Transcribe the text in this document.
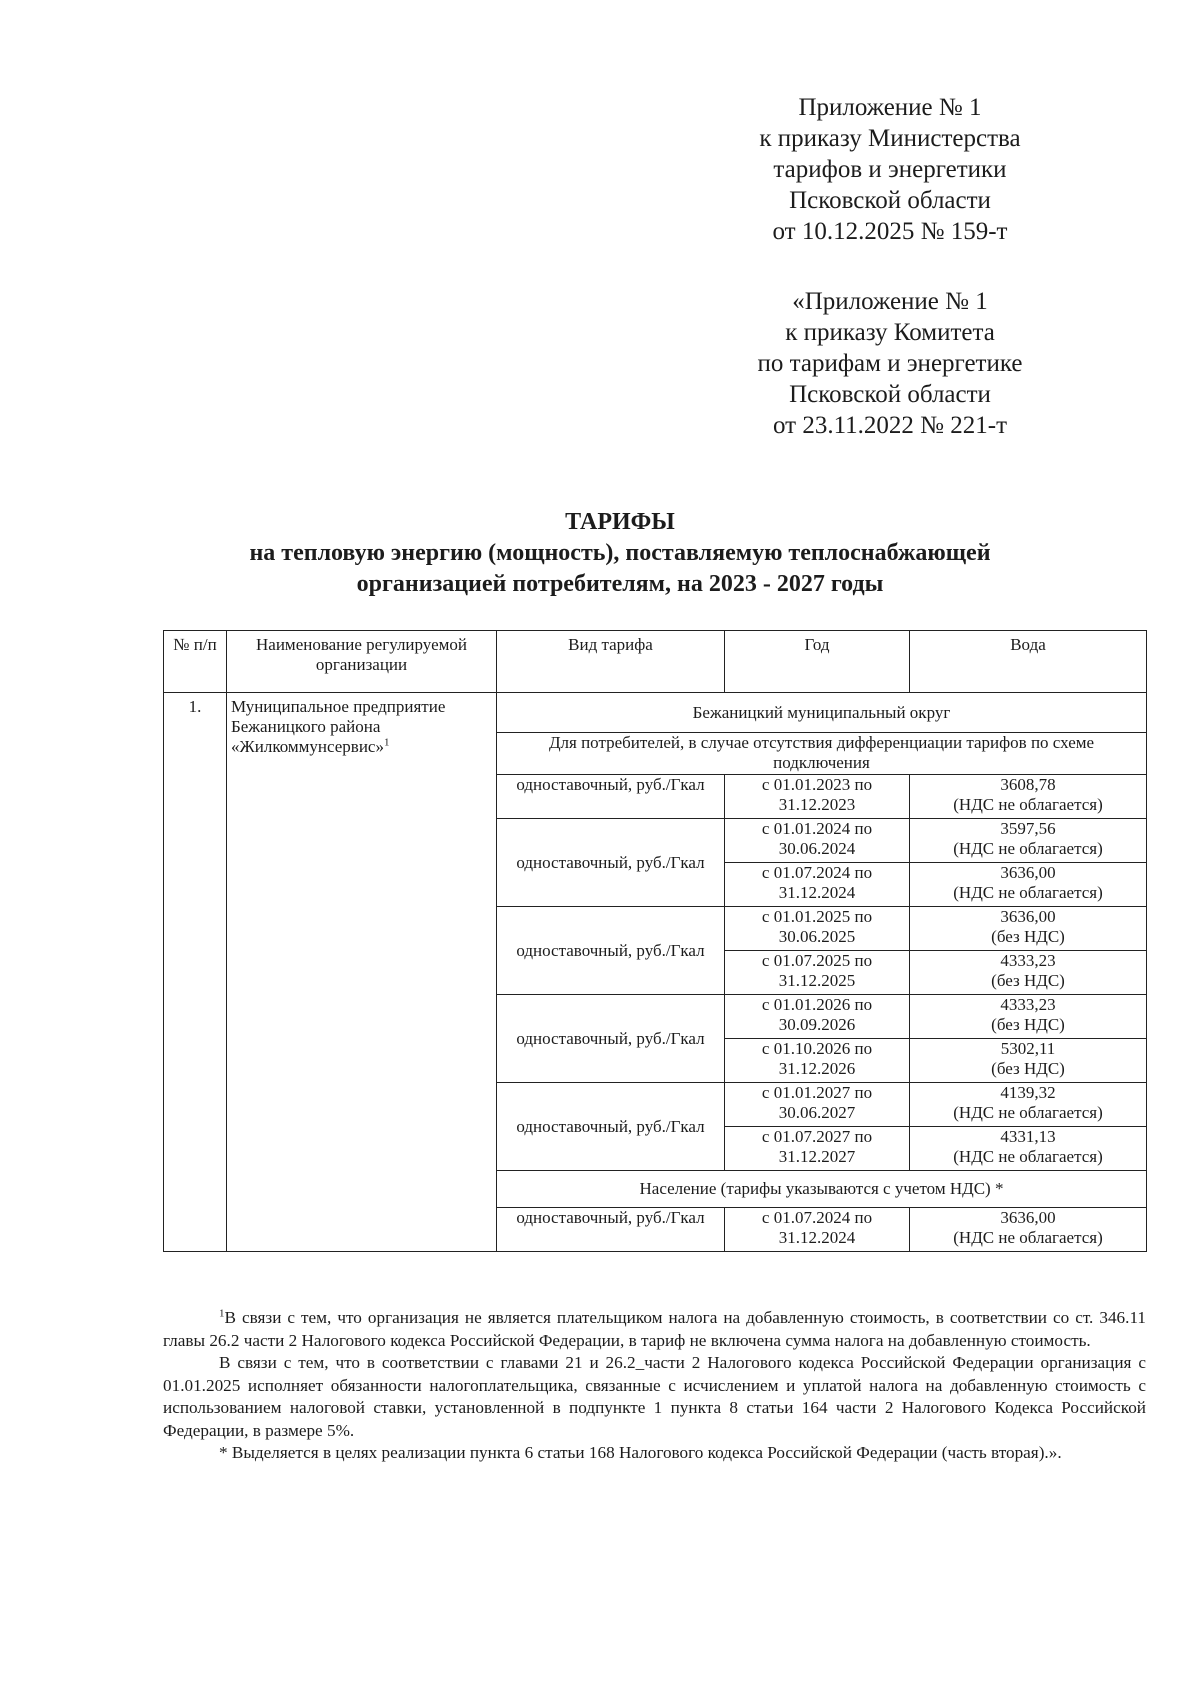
Приложение № 1
к приказу Министерства
тарифов и энергетики
Псковской области
от 10.12.2025 № 159-т
«Приложение № 1
к приказу Комитета
по тарифам и энергетике
Псковской области
от 23.11.2022 № 221-т
ТАРИФЫ
на тепловую энергию (мощность), поставляемую теплоснабжающей
организацией потребителям, на 2023 - 2027 годы
№ п/п	Наименование регулируемой организации	Вид тарифа	Год	Вода
1.	Муниципальное предприятие
Бежаницкого района
«Жилкоммунсервис»$^1$	Бежаницкий муниципальный округ		
		Для потребителей, в случае отсутствия дифференциации тарифов по схеме подключения		
		одноставочный, руб./Гкал	с 01.01.2023 по 31.12.2023	3608,78
(НДС не облагается)
		одноставочный, руб./Гкал	с 01.01.2024 по 30.06.2024	3597,56
(НДС не облагается)
			с 01.07.2024 по 31.12.2024	3636,00
(НДС не облагается)
		одноставочный, руб./Гкал	с 01.01.2025 по 30.06.2025	3636,00
(без НДС)
			с 01.07.2025 по 31.12.2025	4333,23
(без НДС)
		одноставочный, руб./Гкал	с 01.01.2026 по 30.09.2026	4333,23
(без НДС)
			с 01.10.2026 по 31.12.2026	5302,11
(без НДС)
		одноставочный, руб./Гкал	с 01.01.2027 по 30.06.2027	4139,32
(НДС не облагается)
			с 01.07.2027 по 31.12.2027	4331,13
(НДС не облагается)
		Население (тарифы указываются с учетом НДС) *		
		одноставочный, руб./Гкал	с 01.07.2024 по 31.12.2024	3636,00
(НДС не облагается)

$^1$В связи с тем, что организация не является плательщиком налога на добавленную стоимость, в соответствии со ст. 346.11 главы 26.2 части 2 Налогового кодекса Российской Федерации, в тариф не включена сумма налога на добавленную стоимость.

В связи с тем, что в соответствии с главами 21 и 26.2_части 2 Налогового кодекса Российской Федерации организация с 01.01.2025 исполняет обязанности налогоплательщика, связанные с исчислением и уплатой налога на добавленную стоимость с использованием налоговой ставки, установленной в подпункте 1 пункта 8 статьи 164 части 2 Налогового Кодекса Российской Федерации, в размере 5%.

* Выделяется в целях реализации пункта 6 статьи 168 Налогового кодекса Российской Федерации (часть вторая).».
